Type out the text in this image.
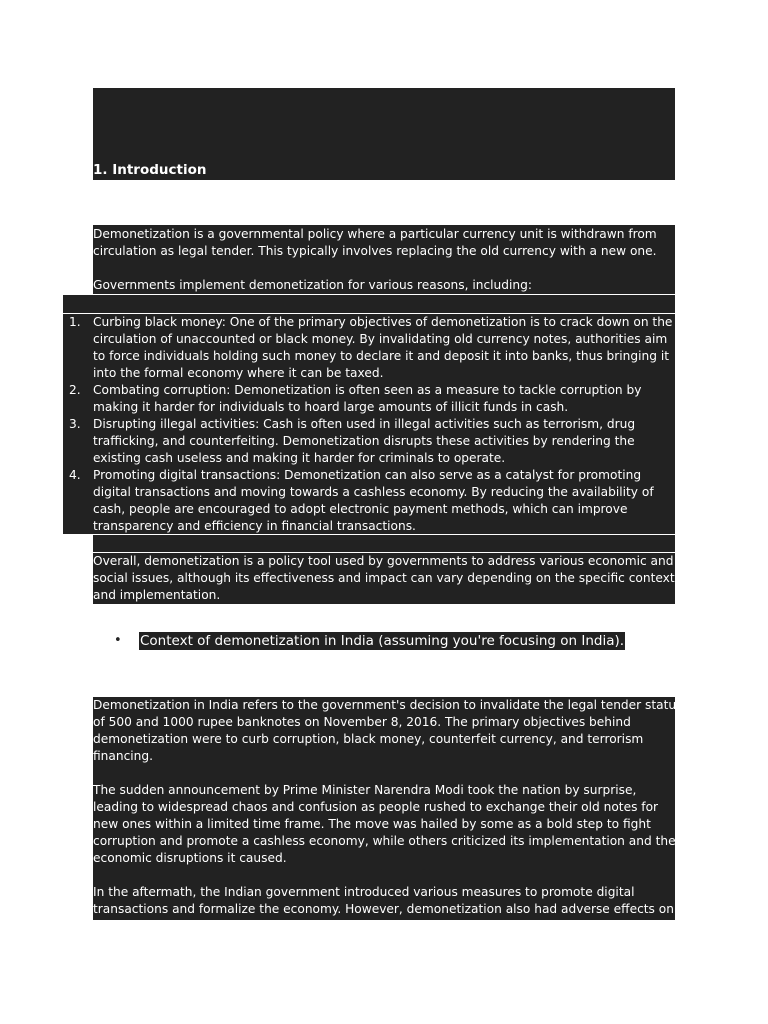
1. Introduction

Demonetization is a governmental policy where a particular currency unit is withdrawn from circulation as legal tender. This typically involves replacing the old currency with a new one.

Governments implement demonetization for various reasons, including:

1. Curbing black money: One of the primary objectives of demonetization is to crack down on the circulation of unaccounted or black money. By invalidating old currency notes, authorities aim to force individuals holding such money to declare it and deposit it into banks, thus bringing it into the formal economy where it can be taxed.
2. Combating corruption: Demonetization is often seen as a measure to tackle corruption by making it harder for individuals to hoard large amounts of illicit funds in cash.
3. Disrupting illegal activities: Cash is often used in illegal activities such as terrorism, drug trafficking, and counterfeiting. Demonetization disrupts these activities by rendering the existing cash useless and making it harder for criminals to operate.
4. Promoting digital transactions: Demonetization can also serve as a catalyst for promoting digital transactions and moving towards a cashless economy. By reducing the availability of cash, people are encouraged to adopt electronic payment methods, which can improve transparency and efficiency in financial transactions.

Overall, demonetization is a policy tool used by governments to address various economic and social issues, although its effectiveness and impact can vary depending on the specific context and implementation.

• Context of demonetization in India (assuming you're focusing on India).

Demonetization in India refers to the government's decision to invalidate the legal tender status of 500 and 1000 rupee banknotes on November 8, 2016. The primary objectives behind demonetization were to curb corruption, black money, counterfeit currency, and terrorism financing.

The sudden announcement by Prime Minister Narendra Modi took the nation by surprise, leading to widespread chaos and confusion as people rushed to exchange their old notes for new ones within a limited time frame. The move was hailed by some as a bold step to fight corruption and promote a cashless economy, while others criticized its implementation and the economic disruptions it caused.

In the aftermath, the Indian government introduced various measures to promote digital transactions and formalize the economy. However, demonetization also had adverse effects on
